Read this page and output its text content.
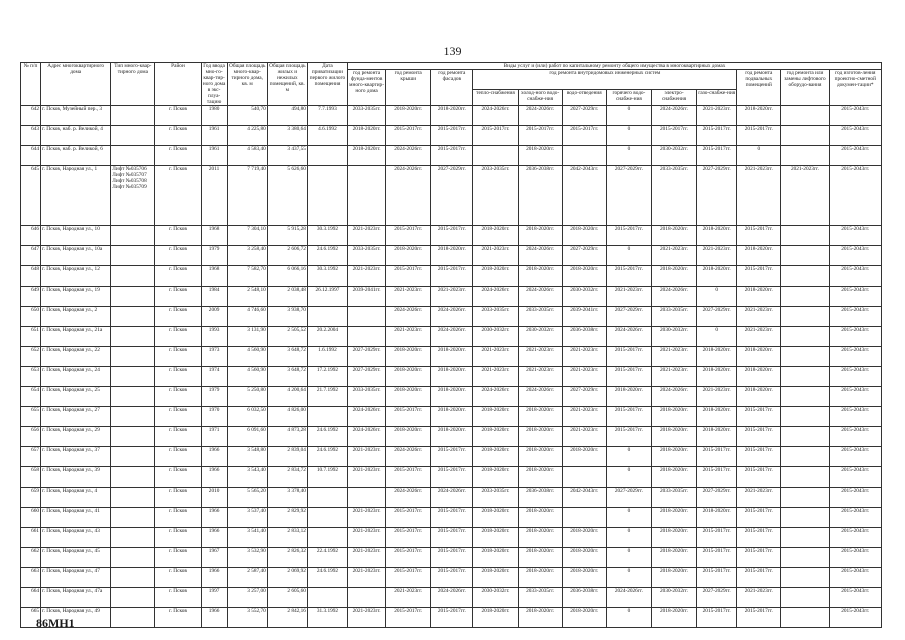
139
№ п/п	Адрес многоквартирного дома	Тип много-квар-тирного дома	Район	Год ввода мно-го-квар-тир-ного дома в экс-плуа-тацию	Общая площадь много-квар-тирного дома, кв. м	Общая площадь жилых и нежилых помещений, кв. м	Дата приватизации первого жилого помещения	Виды услуг и (или) работ по капитальному ремонту общего имущества в многоквартирных домах											
								год ремонта фунда-ментов много-квартир-ного дома	год ремонта крыши	год ремонта фасадов	год ремонта внутридомовых инженерных систем						год ремонта подвальных помещений	год ремонта или замены лифтового оборудо-вания	год изготов-ления проектно-сметной докумен-тации*
											тепло-снабжения	холод-ного водо-снабже-ния	водо-отведения	горячего водо-снабже-ния	электро-снабжения	газо-снабже-ния			
642	г. Псков, Музейный пер., 3		г. Псков	1980	540,70	494,80	7.7.1993	2033-2035гг.	2018-2020гг.	2018-2020гг.	2024-2026гг.	2024-2026гг.	2027-2029гг.	0	2024-2026гг.	2021-2023гг.	2018-2020гг.		2015-2043гг.
643	г. Псков, наб. р. Великой, 4		г. Псков	1961	4 225,80	3 380,64	4.6.1992	2018-2020гг.	2015-2017гг.	2015-2017гг.	2015-2017гг.	2015-2017гг.	2015-2017гг.	0	2015-2017гг.	2015-2017гг.	2015-2017гг.		2015-2043гг.
644	г. Псков, наб. р. Великой, 6		г. Псков	1961	4 583,40	3 437,55		2018-2020гг.	2024-2026гг.	2015-2017гг.		2018-2020гг.		0	2030-2032гг.	2015-2017гг.	0		2015-2043гг.
645	г. Псков, Народная ул., 1	Лифт №035706 Лифт №035707 Лифт №035708 Лифт №035709	г. Псков	2011	7 719,40	5 626,60			2024-2026гг.	2027-2029гг.	2033-2035гг.	2036-2038гг.	2042-2043гг.	2027-2029гг.	2033-2035гг.	2027-2029гг.	2021-2023гг.	2021-2023гг.	2015-2043гг.
646	г. Псков, Народная ул., 10		г. Псков	1968	7 304,10	5 915,28	30.3.1992	2021-2023гг.	2015-2017гг.	2015-2017гг.	2018-2020гг.	2018-2020гг.	2018-2020гг.	2015-2017гг.	2018-2020гг.	2018-2020гг.	2015-2017гг.		2015-2043гг.
647	г. Псков, Народная ул., 10а		г. Псков	1979	3 258,40	2 606,72	24.6.1992	2033-2035гг.	2018-2020гг.	2018-2020гг.	2021-2023гг.	2024-2026гг.	2027-2029гг.	0	2021-2023гг.	2021-2023гг.	2018-2020гг.		2015-2043гг.
648	г. Псков, Народная ул., 12		г. Псков	1968	7 582,70	6 066,16	30.3.1992	2021-2023гг.	2015-2017гг.	2015-2017гг.	2018-2020гг.	2018-2020гг.	2018-2020гг.	2015-2017гг.	2018-2020гг.	2018-2020гг.	2015-2017гг.		2015-2043гг.
649	г. Псков, Народная ул., 19		г. Псков	1984	2 548,10	2 038,48	26.12.1997	2039-2041гг.	2021-2023гг.	2021-2023гг.	2024-2026гг.	2024-2026гг.	2030-2032гг.	2021-2023гг.	2024-2026гг.	0	2018-2020гг.		2015-2043гг.
650	г. Псков, Народная ул., 2		г. Псков	2009	4 746,60	3 938,70			2024-2026гг.	2024-2026гг.	2033-2035гг.	2033-2035гг.	2039-2041гг.	2027-2029гг.	2033-2035гг.	2027-2029гг.	2021-2023гг.		2015-2043гг.
651	г. Псков, Народная ул., 21а		г. Псков	1993	3 131,90	2 505,52	20.2.2004		2021-2023гг.	2024-2026гг.	2030-2032гг.	2030-2032гг.	2036-2038гг.	2024-2026гг.	2030-2032гг.	0	2021-2023гг.		2015-2043гг.
652	г. Псков, Народная ул., 22		г. Псков	1973	4 560,90	3 648,72	1.6.1992	2027-2029гг.	2018-2020гг.	2018-2020гг.	2021-2023гг.	2021-2023гг.	2021-2023гг.	2015-2017гг.	2021-2023гг.	2018-2020гг.	2018-2020гг.		2015-2043гг.
653	г. Псков, Народная ул., 24		г. Псков	1974	4 560,90	3 648,72	17.2.1992	2027-2029гг.	2018-2020гг.	2018-2020гг.	2021-2023гг.	2021-2023гг.	2021-2023гг.	2015-2017гг.	2021-2023гг.	2018-2020гг.	2018-2020гг.		2015-2043гг.
654	г. Псков, Народная ул., 25		г. Псков	1979	5 250,80	4 200,64	21.7.1992	2033-2035гг.	2018-2020гг.	2018-2020гг.	2024-2026гг.	2024-2026гг.	2027-2029гг.	2018-2020гг.	2024-2026гг.	2021-2023гг.	2018-2020гг.		2015-2043гг.
655	г. Псков, Народная ул., 27		г. Псков	1970	6 032,50	4 826,00		2024-2026гг.	2015-2017гг.	2018-2020гг.	2018-2020гг.	2018-2020гг.	2021-2023гг.	2015-2017гг.	2018-2020гг.	2018-2020гг.	2015-2017гг.		2015-2043гг.
656	г. Псков, Народная ул., 29		г. Псков	1971	6 091,60	4 873,28	24.6.1992	2024-2026гг.	2018-2020гг.	2018-2020гг.	2018-2020гг.	2018-2020гг.	2021-2023гг.	2015-2017гг.	2018-2020гг.	2018-2020гг.	2015-2017гг.		2015-2043гг.
657	г. Псков, Народная ул., 37		г. Псков	1966	3 548,80	2 839,04	24.6.1992	2021-2023гг.	2024-2026гг.	2015-2017гг.	2018-2020гг.	2018-2020гг.	2018-2020гг.	0	2018-2020гг.	2015-2017гг.	2015-2017гг.		2015-2043гг.
658	г. Псков, Народная ул., 39		г. Псков	1966	3 543,40	2 834,72	10.7.1992	2021-2023гг.	2015-2017гг.	2015-2017гг.	2018-2020гг.	2018-2020гг.		0	2018-2020гг.	2015-2017гг.	2015-2017гг.		2015-2043гг.
659	г. Псков, Народная ул., 4		г. Псков	2010	5 565,20	3 378,40			2024-2026гг.	2024-2026гг.	2033-2035гг.	2036-2038гг.	2042-2043гг.	2027-2029гг.	2033-2035гг.	2027-2029гг.	2021-2023гг.		2015-2043гг.
660	г. Псков, Народная ул., 41		г. Псков	1966	3 537,40	2 829,92		2021-2023гг.	2015-2017гг.	2015-2017гг.	2018-2020гг.	2018-2020гг.		0	2018-2020гг.	2018-2020гг.	2015-2017гг.		2015-2043гг.
661	г. Псков, Народная ул., 43		г. Псков	1966	3 541,40	2 833,12		2021-2023гг.	2015-2017гг.	2015-2017гг.	2018-2020гг.	2018-2020гг.	2018-2020гг.	0	2018-2020гг.	2015-2017гг.	2015-2017гг.		2015-2043гг.
662	г. Псков, Народная ул., 45		г. Псков	1967	3 532,90	2 826,32	22.4.1992	2021-2023гг.	2015-2017гг.	2015-2017гг.	2018-2020гг.	2018-2020гг.	2018-2020гг.	0	2018-2020гг.	2015-2017гг.	2015-2017гг.		2015-2043гг.
663	г. Псков, Народная ул., 47		г. Псков	1966	2 587,40	2 069,92	24.6.1992	2021-2023гг.	2015-2017гг.	2015-2017гг.	2018-2020гг.	2018-2020гг.	2018-2020гг.	0	2018-2020гг.	2015-2017гг.	2015-2017гг.		2015-2043гг.
664	г. Псков, Народная ул., 47а		г. Псков	1997	3 257,00	2 605,60			2021-2023гг.	2024-2026гг.	2030-2032гг.	2033-2035гг.	2036-2038гг.	2024-2026гг.	2030-2032гг.	2027-2029гг.	2021-2023гг.		2015-2043гг.
665	г. Псков, Народная ул., 49		г. Псков	1966	3 552,70	2 842,16	31.3.1992	2021-2023гг.	2015-2017гг.	2015-2017гг.	2018-2020гг.	2018-2020гг.	2018-2020гг.	0	2018-2020гг.	2015-2017гг.	2015-2017гг.		2015-2043гг.
86МН1
